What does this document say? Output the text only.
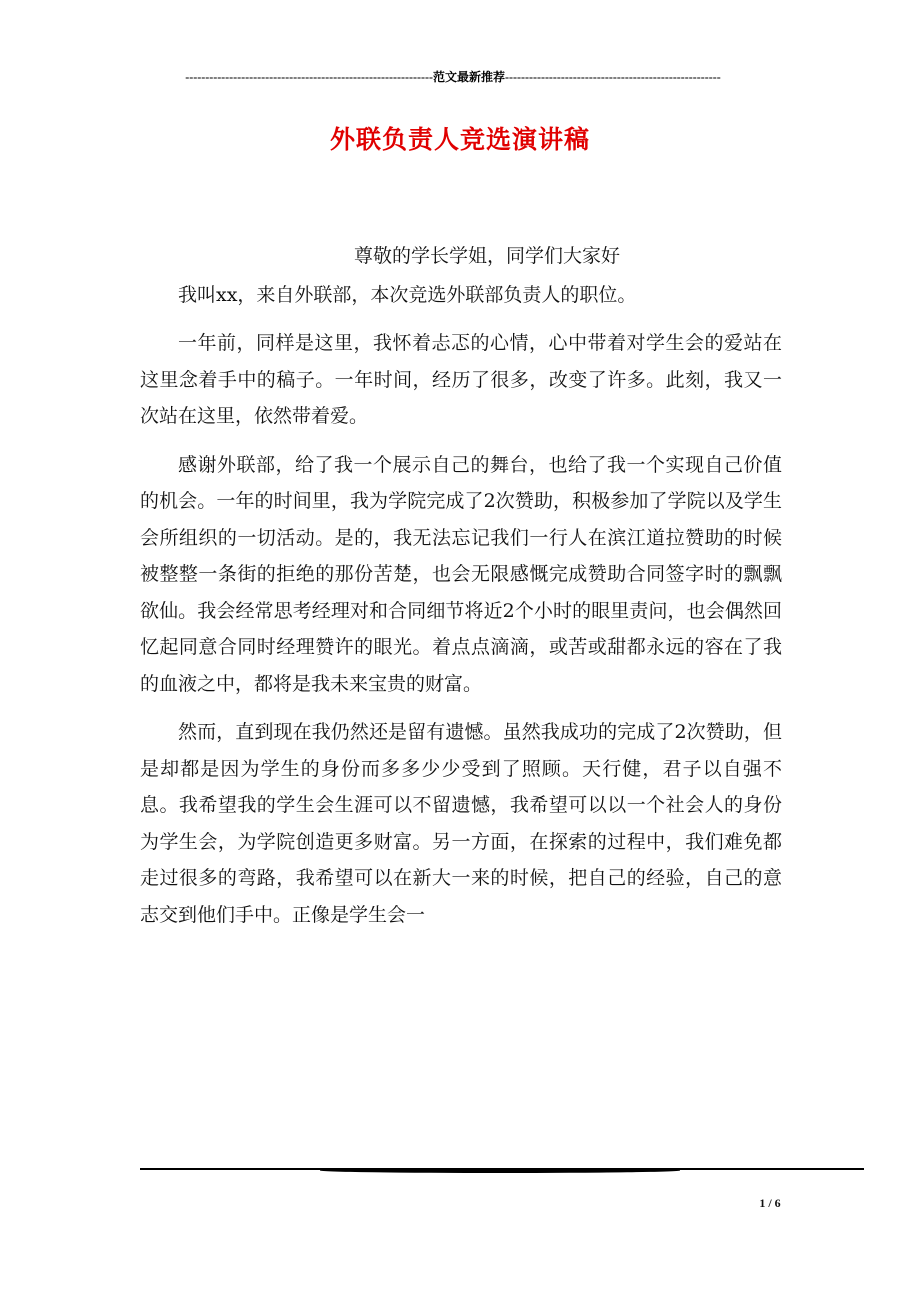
--------------------------------------------------------------范文最新推荐------------------------------------------------------
外联负责人竞选演讲稿

尊敬的学长学姐，同学们大家好

我叫xx，来自外联部，本次竞选外联部负责人的职位。

一年前，同样是这里，我怀着忐忑的心情，心中带着对学生会的爱站在这里念着手中的稿子。一年时间，经历了很多，改变了许多。此刻，我又一次站在这里，依然带着爱。

感谢外联部，给了我一个展示自己的舞台，也给了我一个实现自己价值的机会。一年的时间里，我为学院完成了2次赞助，积极参加了学院以及学生会所组织的一切活动。是的，我无法忘记我们一行人在滨江道拉赞助的时候被整整一条街的拒绝的那份苦楚，也会无限感慨完成赞助合同签字时的飘飘欲仙。我会经常思考经理对和合同细节将近2个小时的眼里责问，也会偶然回忆起同意合同时经理赞许的眼光。着点点滴滴，或苦或甜都永远的容在了我的血液之中，都将是我未来宝贵的财富。

然而，直到现在我仍然还是留有遗憾。虽然我成功的完成了2次赞助，但是却都是因为学生的身份而多多少少受到了照顾。天行健，君子以自强不息。我希望我的学生会生涯可以不留遗憾，我希望可以以一个社会人的身份为学生会，为学院创造更多财富。另一方面，在探索的过程中，我们难免都走过很多的弯路，我希望可以在新大一来的时候，把自己的经验，自己的意志交到他们手中。正像是学生会一

1 / 6
